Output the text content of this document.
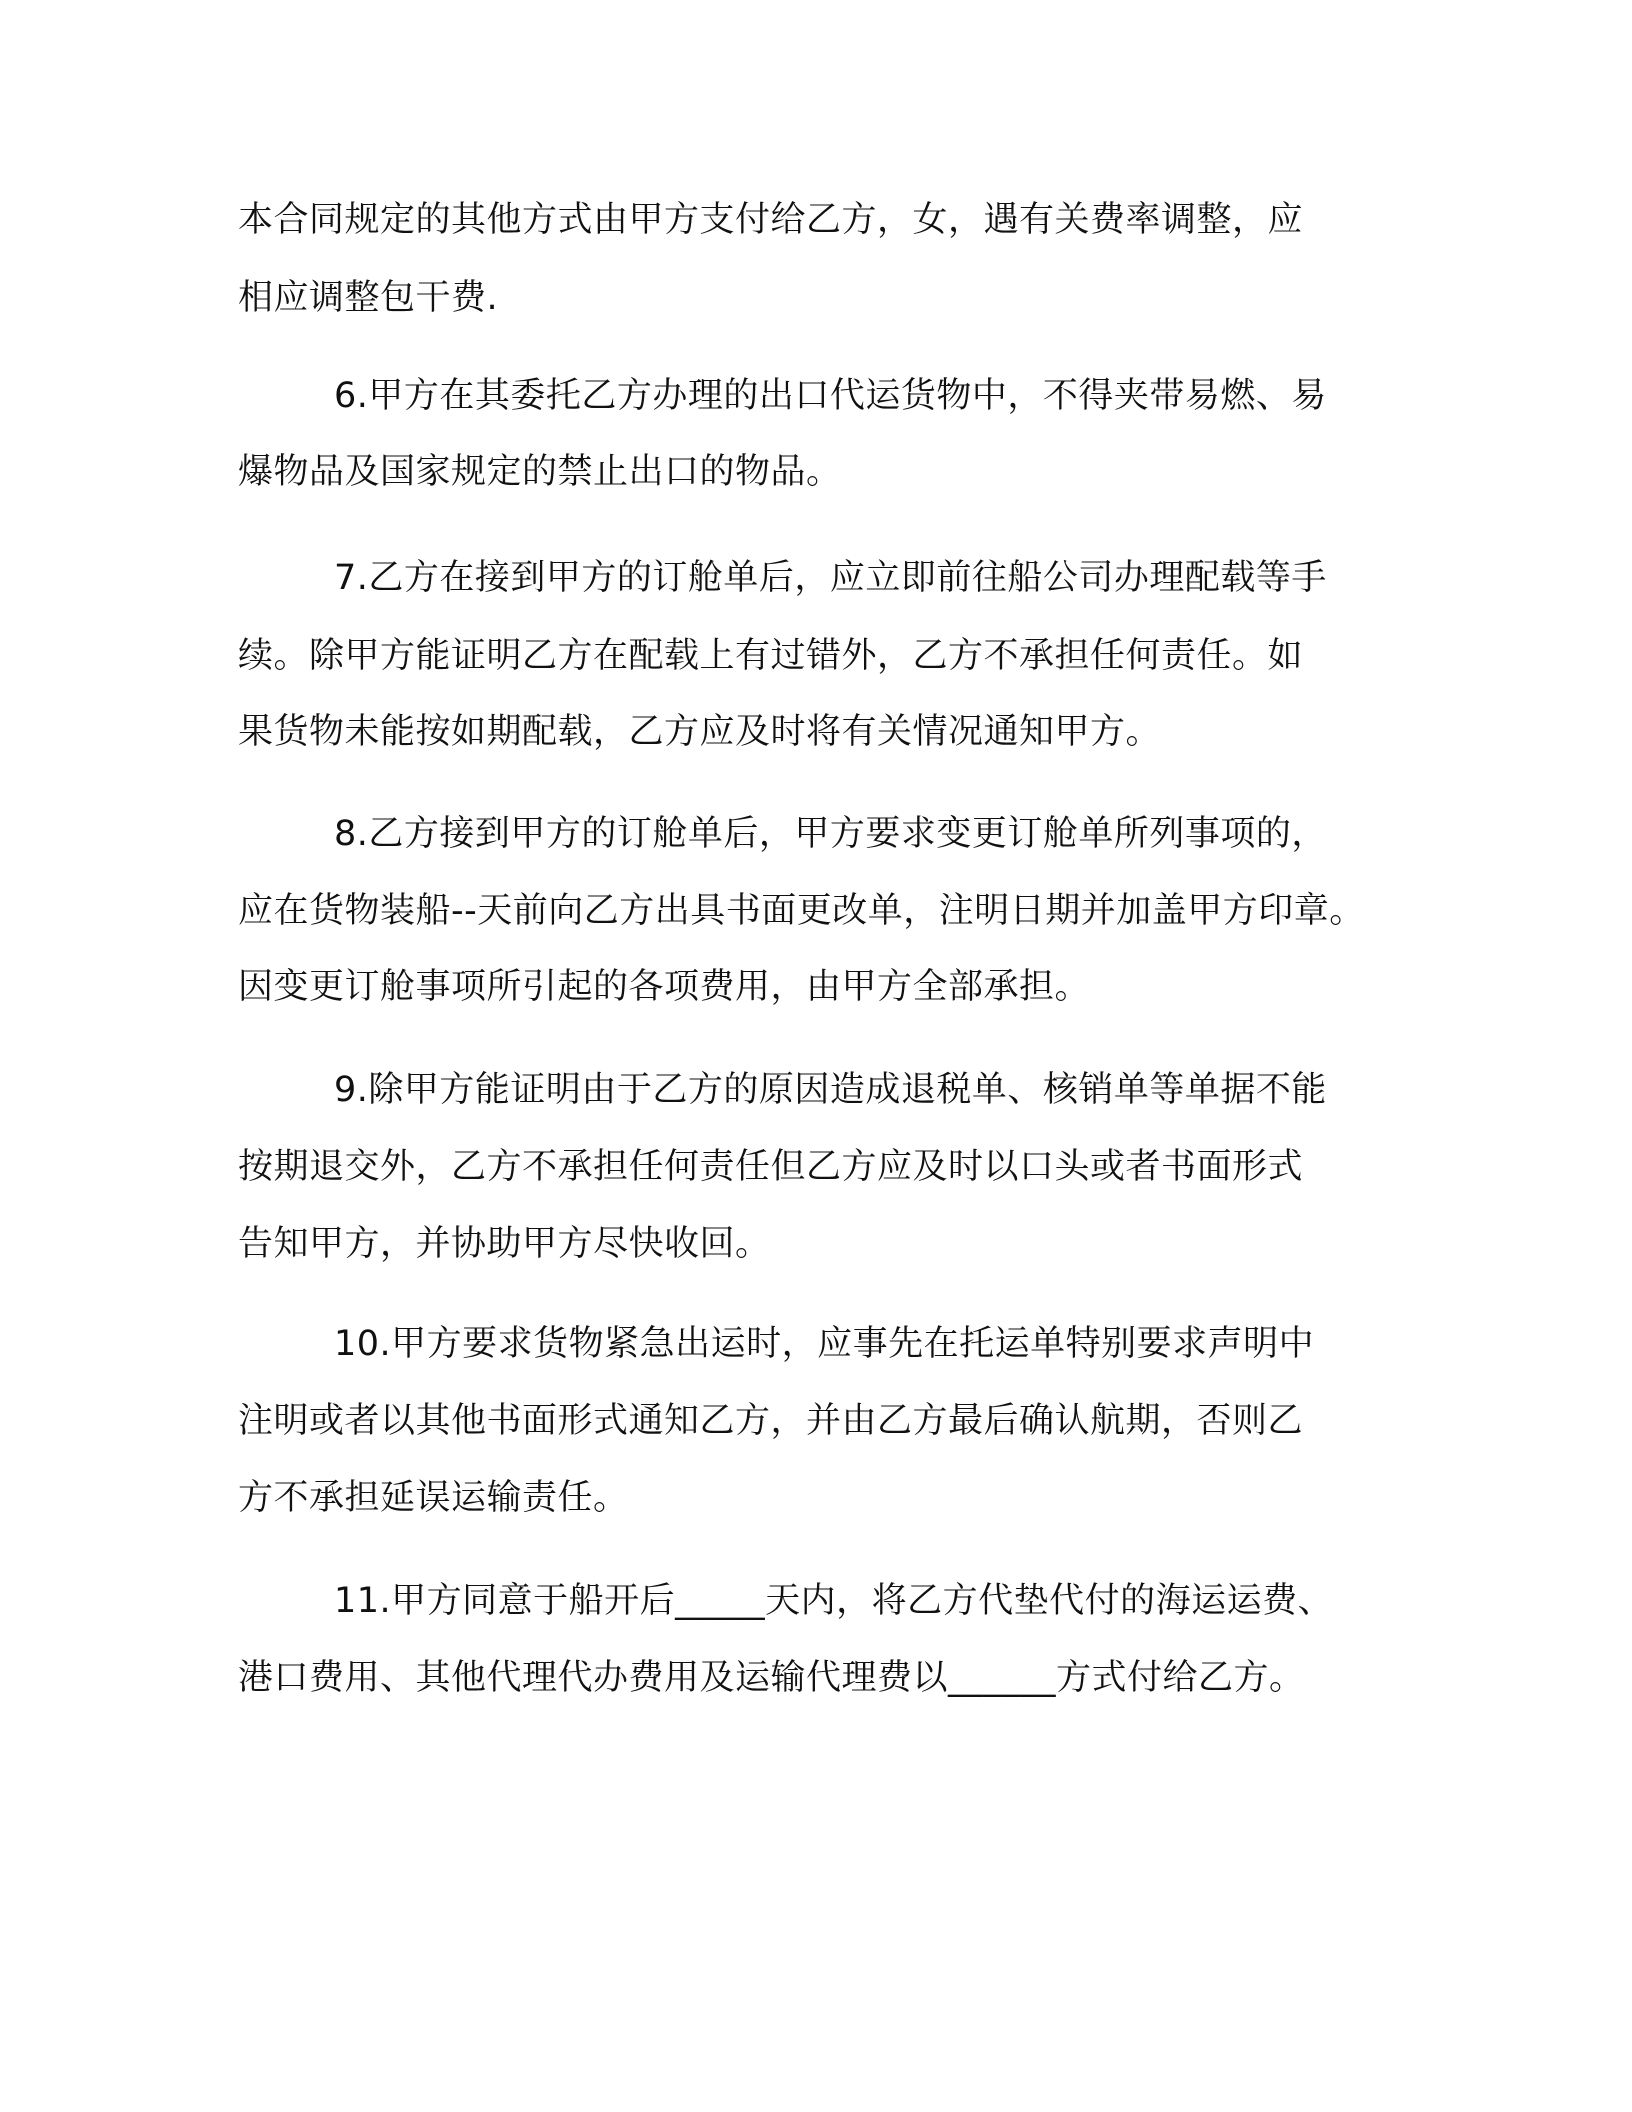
本合同规定的其他方式由甲方支付给乙方，女，遇有关费率调整，应
相应调整包干费.
6.甲方在其委托乙方办理的出口代运货物中，不得夹带易燃、易
爆物品及国家规定的禁止出口的物品。
7.乙方在接到甲方的订舱单后，应立即前往船公司办理配载等手
续。除甲方能证明乙方在配载上有过错外，乙方不承担任何责任。如
果货物未能按如期配载，乙方应及时将有关情况通知甲方。
8.乙方接到甲方的订舱单后，甲方要求变更订舱单所列事项的，
应在货物装船--天前向乙方出具书面更改单，注明日期并加盖甲方印章。
因变更订舱事项所引起的各项费用，由甲方全部承担。
9.除甲方能证明由于乙方的原因造成退税单、核销单等单据不能
按期退交外，乙方不承担任何责任但乙方应及时以口头或者书面形式
告知甲方，并协助甲方尽快收回。
10.甲方要求货物紧急出运时，应事先在托运单特别要求声明中
注明或者以其他书面形式通知乙方，并由乙方最后确认航期，否则乙
方不承担延误运输责任。
11.甲方同意于船开后_____天内，将乙方代垫代付的海运运费、
港口费用、其他代理代办费用及运输代理费以______方式付给乙方。
